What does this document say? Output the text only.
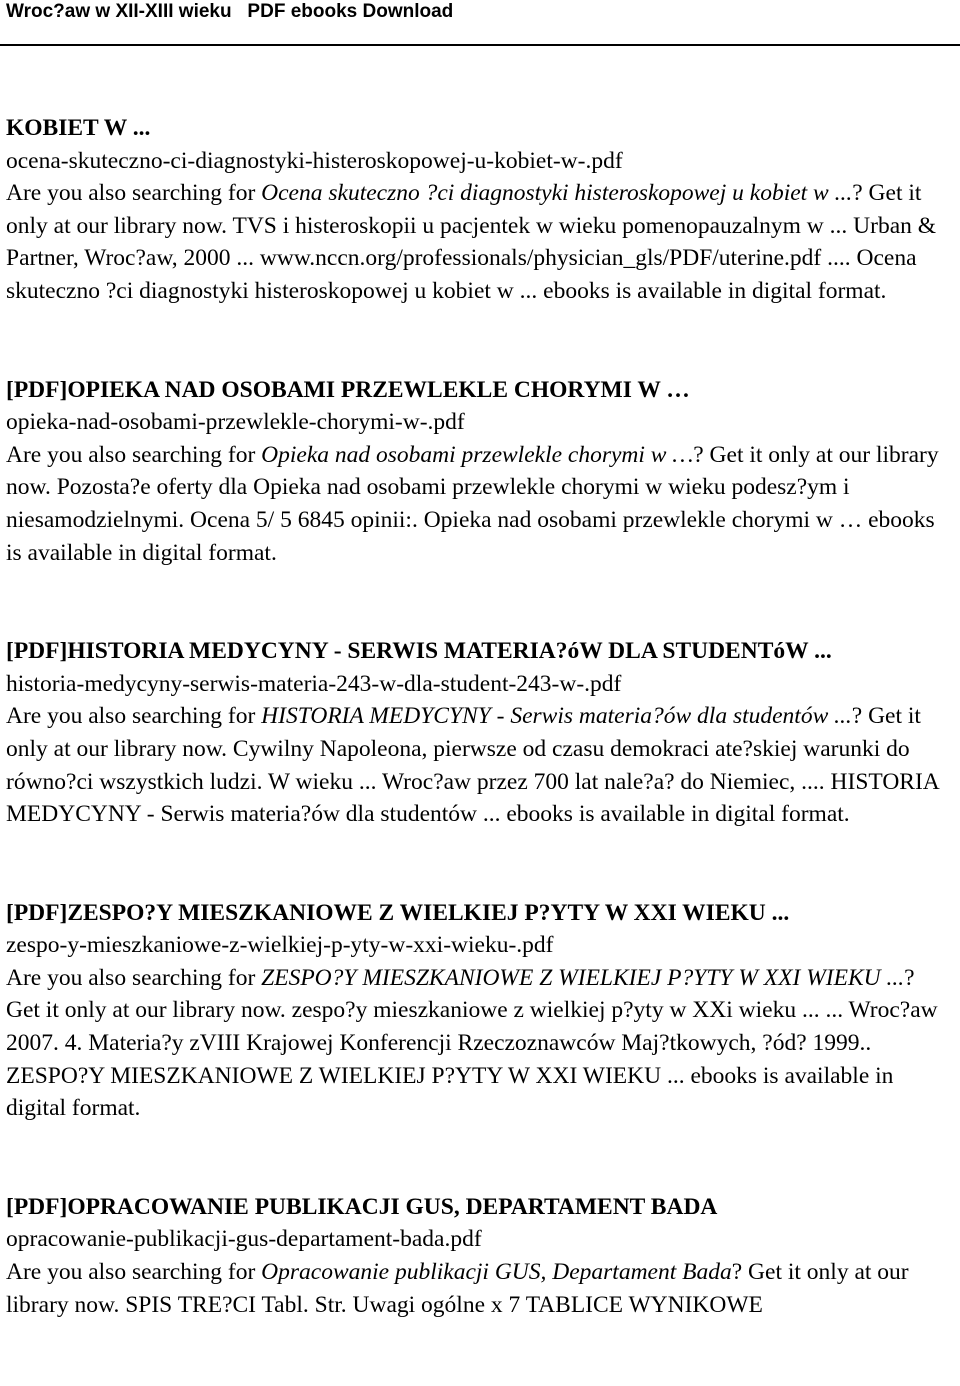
Wroc?aw w XII-XIII wieku   PDF ebooks Download

KOBIET W ...

ocena-skuteczno-ci-diagnostyki-histeroskopowej-u-kobiet-w-.pdf

Are you also searching for Ocena skuteczno ?ci diagnostyki histeroskopowej u kobiet w ...? Get it only at our library now. TVS i histeroskopii u pacjentek w wieku pomenopauzalnym w ... Urban & Partner, Wroc?aw, 2000 ... www.nccn.org/professionals/physician_gls/PDF/uterine.pdf .... Ocena skuteczno ?ci diagnostyki histeroskopowej u kobiet w ... ebooks is available in digital format.

[PDF]OPIEKA NAD OSOBAMI PRZEWLEKLE CHORYMI W …

opieka-nad-osobami-przewlekle-chorymi-w-.pdf

Are you also searching for Opieka nad osobami przewlekle chorymi w …? Get it only at our library now. Pozosta?e oferty dla Opieka nad osobami przewlekle chorymi w wieku podesz?ym i niesamodzielnymi. Ocena 5/ 5 6845 opinii:. Opieka nad osobami przewlekle chorymi w … ebooks is available in digital format.

[PDF]HISTORIA MEDYCYNY - SERWIS MATERIA?óW DLA STUDENTóW ...

historia-medycyny-serwis-materia-243-w-dla-student-243-w-.pdf

Are you also searching for HISTORIA MEDYCYNY - Serwis materia?ów dla studentów ...? Get it only at our library now. Cywilny Napoleona, pierwsze od czasu demokraci ate?skiej warunki do równo?ci wszystkich ludzi. W wieku ... Wroc?aw przez 700 lat nale?a? do Niemiec, .... HISTORIA MEDYCYNY - Serwis materia?ów dla studentów ... ebooks is available in digital format.

[PDF]ZESPO?Y MIESZKANIOWE Z WIELKIEJ P?YTY W XXI WIEKU ...

zespo-y-mieszkaniowe-z-wielkiej-p-yty-w-xxi-wieku-.pdf

Are you also searching for ZESPO?Y MIESZKANIOWE Z WIELKIEJ P?YTY W XXI WIEKU ...? Get it only at our library now. zespo?y mieszkaniowe z wielkiej p?yty w XXi wieku ... ... Wroc?aw 2007. 4. Materia?y zVIII Krajowej Konferencji Rzeczoznawców Maj?tkowych, ?ód? 1999.. ZESPO?Y MIESZKANIOWE Z WIELKIEJ P?YTY W XXI WIEKU ... ebooks is available in digital format.

[PDF]OPRACOWANIE PUBLIKACJI GUS, DEPARTAMENT BADA

opracowanie-publikacji-gus-departament-bada.pdf

Are you also searching for Opracowanie publikacji GUS, Departament Bada? Get it only at our library now. SPIS TRE?CI Tabl. Str. Uwagi ogólne x 7 TABLICE WYNIKOWE
